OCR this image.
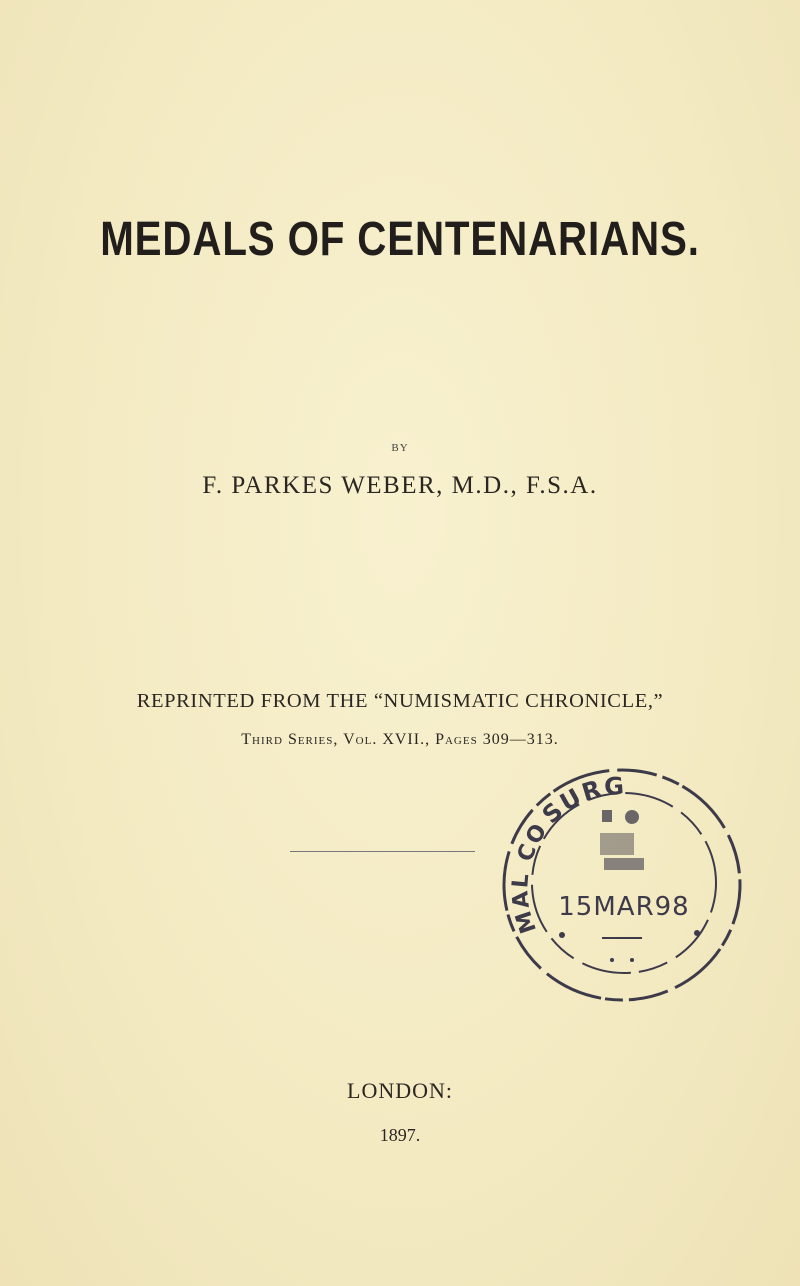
MEDALS OF CENTENARIANS.
BY
F. PARKES WEBER, M.D., F.S.A.
REPRINTED FROM THE “NUMISMATIC CHRONICLE,”
Third Series, Vol. XVII., Pages 309—313.
SURG
MAL CO
15MAR98
LONDON:
1897.
